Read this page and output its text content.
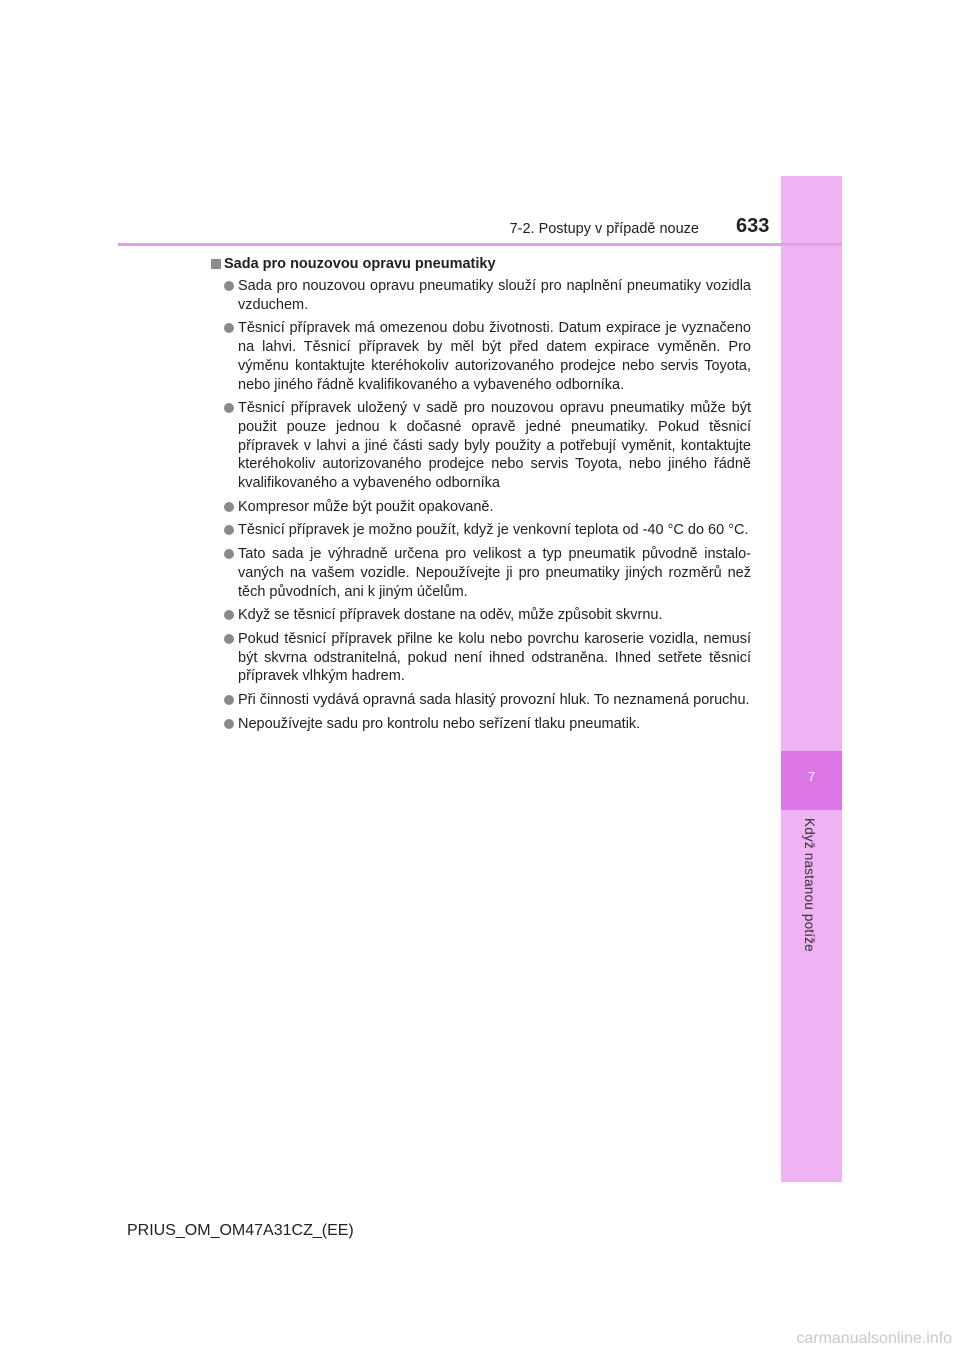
7
Když nastanou potíže
7-2. Postupy v případě nouze 633
Sada pro nouzovou opravu pneumatiky
Sada pro nouzovou opravu pneumatiky slouží pro naplnění pneumatiky vozidla vzduchem.
Těsnicí přípravek má omezenou dobu životnosti. Datum expirace je vyznačeno na lahvi. Těsnicí přípravek by měl být před datem expirace vyměněn. Pro výměnu kontaktujte kteréhokoliv autorizovaného prodejce nebo servis Toyota, nebo jiného řádně kvalifikovaného a vybaveného odborníka.
Těsnicí přípravek uložený v sadě pro nouzovou opravu pneumatiky může být použit pouze jednou k dočasné opravě jedné pneumatiky. Pokud těsnicí přípravek v lahvi a jiné části sady byly použity a potřebují vyměnit, kontaktujte kteréhokoliv autorizovaného prodejce nebo servis Toyota, nebo jiného řádně kvalifikovaného a vybaveného odborníka
Kompresor může být použit opakovaně.
Těsnicí přípravek je možno použít, když je venkovní teplota od -40 °C do 60 °C.
Tato sada je výhradně určena pro velikost a typ pneumatik původně instalovaných na vašem vozidle. Nepoužívejte ji pro pneumatiky jiných rozměrů než těch původních, ani k jiným účelům.
Když se těsnicí přípravek dostane na oděv, může způsobit skvrnu.
Pokud těsnicí přípravek přilne ke kolu nebo povrchu karoserie vozidla, nemusí být skvrna odstranitelná, pokud není ihned odstraněna. Ihned setřete těsnicí přípravek vlhkým hadrem.
Při činnosti vydává opravná sada hlasitý provozní hluk. To neznamená poruchu.
Nepoužívejte sadu pro kontrolu nebo seřízení tlaku pneumatik.
PRIUS_OM_OM47A31CZ_(EE)
carmanualsonline.info
